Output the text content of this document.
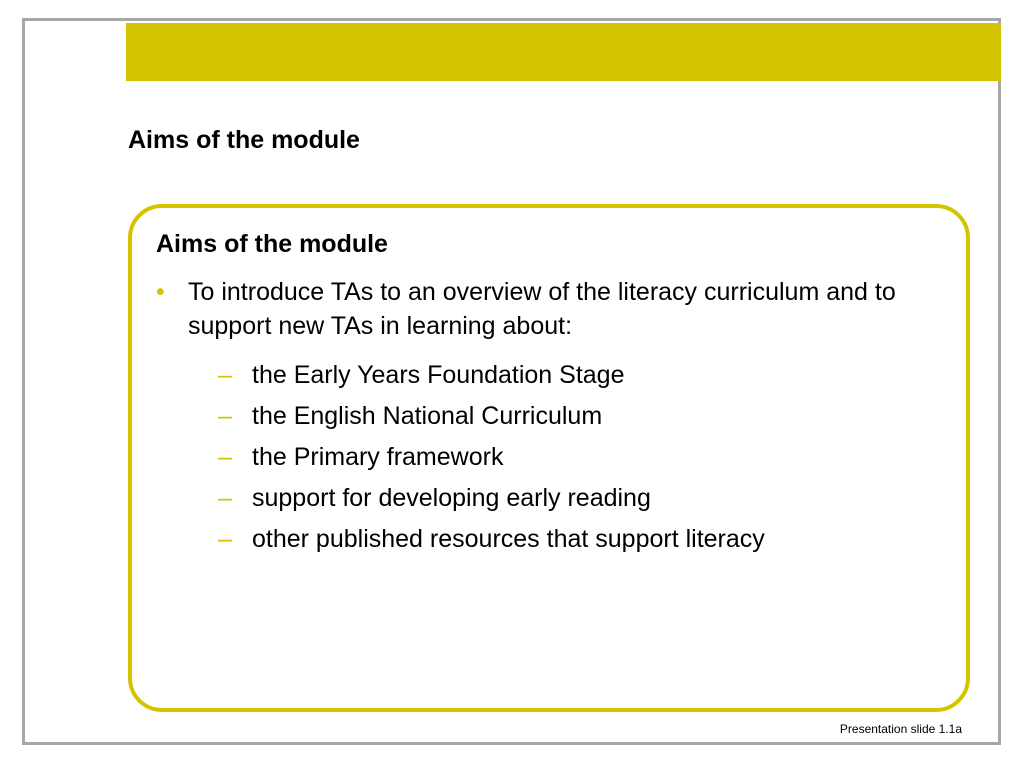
Aims of the module
Aims of the module
• To introduce TAs to an overview of the literacy curriculum and to support new TAs in learning about:
– the Early Years Foundation Stage
– the English National Curriculum
– the Primary framework
– support for developing early reading
– other published resources that support literacy
Presentation slide 1.1a
